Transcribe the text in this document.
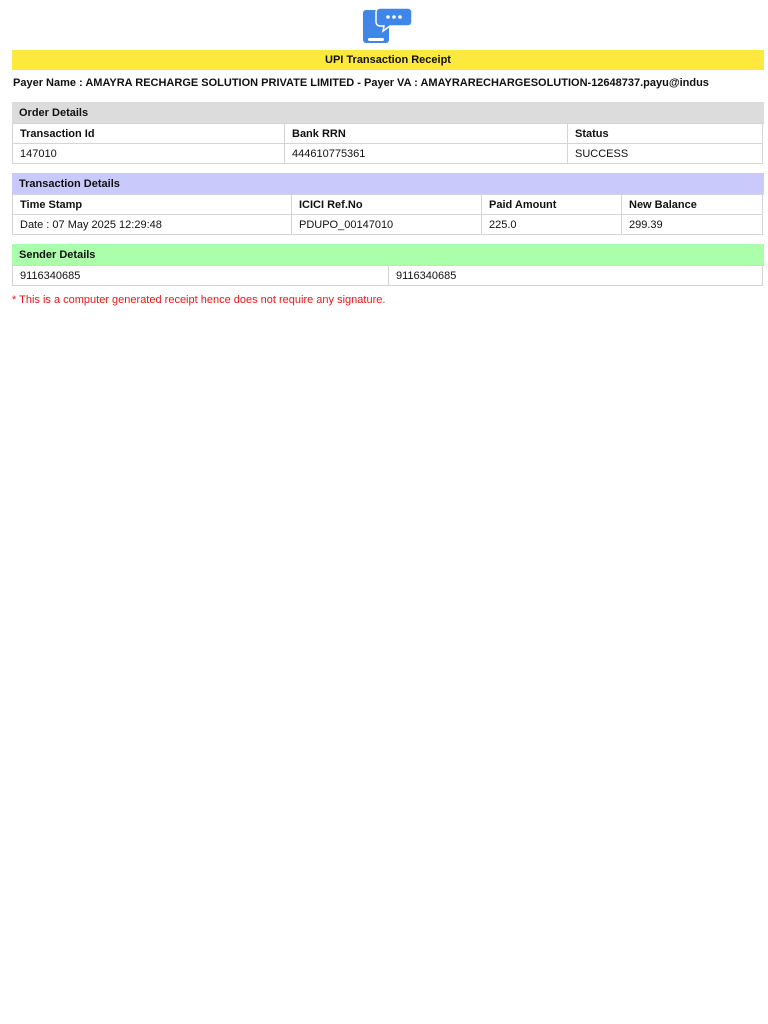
UPI Transaction Receipt
Payer Name : AMAYRA RECHARGE SOLUTION PRIVATE LIMITED - Payer VA : AMAYRARECHARGESOLUTION-12648737.payu@indus
Order Details
Transaction Id	Bank RRN	Status
147010	444610775361	SUCCESS
Transaction Details
Time Stamp	ICICI Ref.No	Paid Amount	New Balance
Date : 07 May 2025 12:29:48	PDUPO_00147010	225.0	299.39
Sender Details
9116340685	9116340685
* This is a computer generated receipt hence does not require any signature.
